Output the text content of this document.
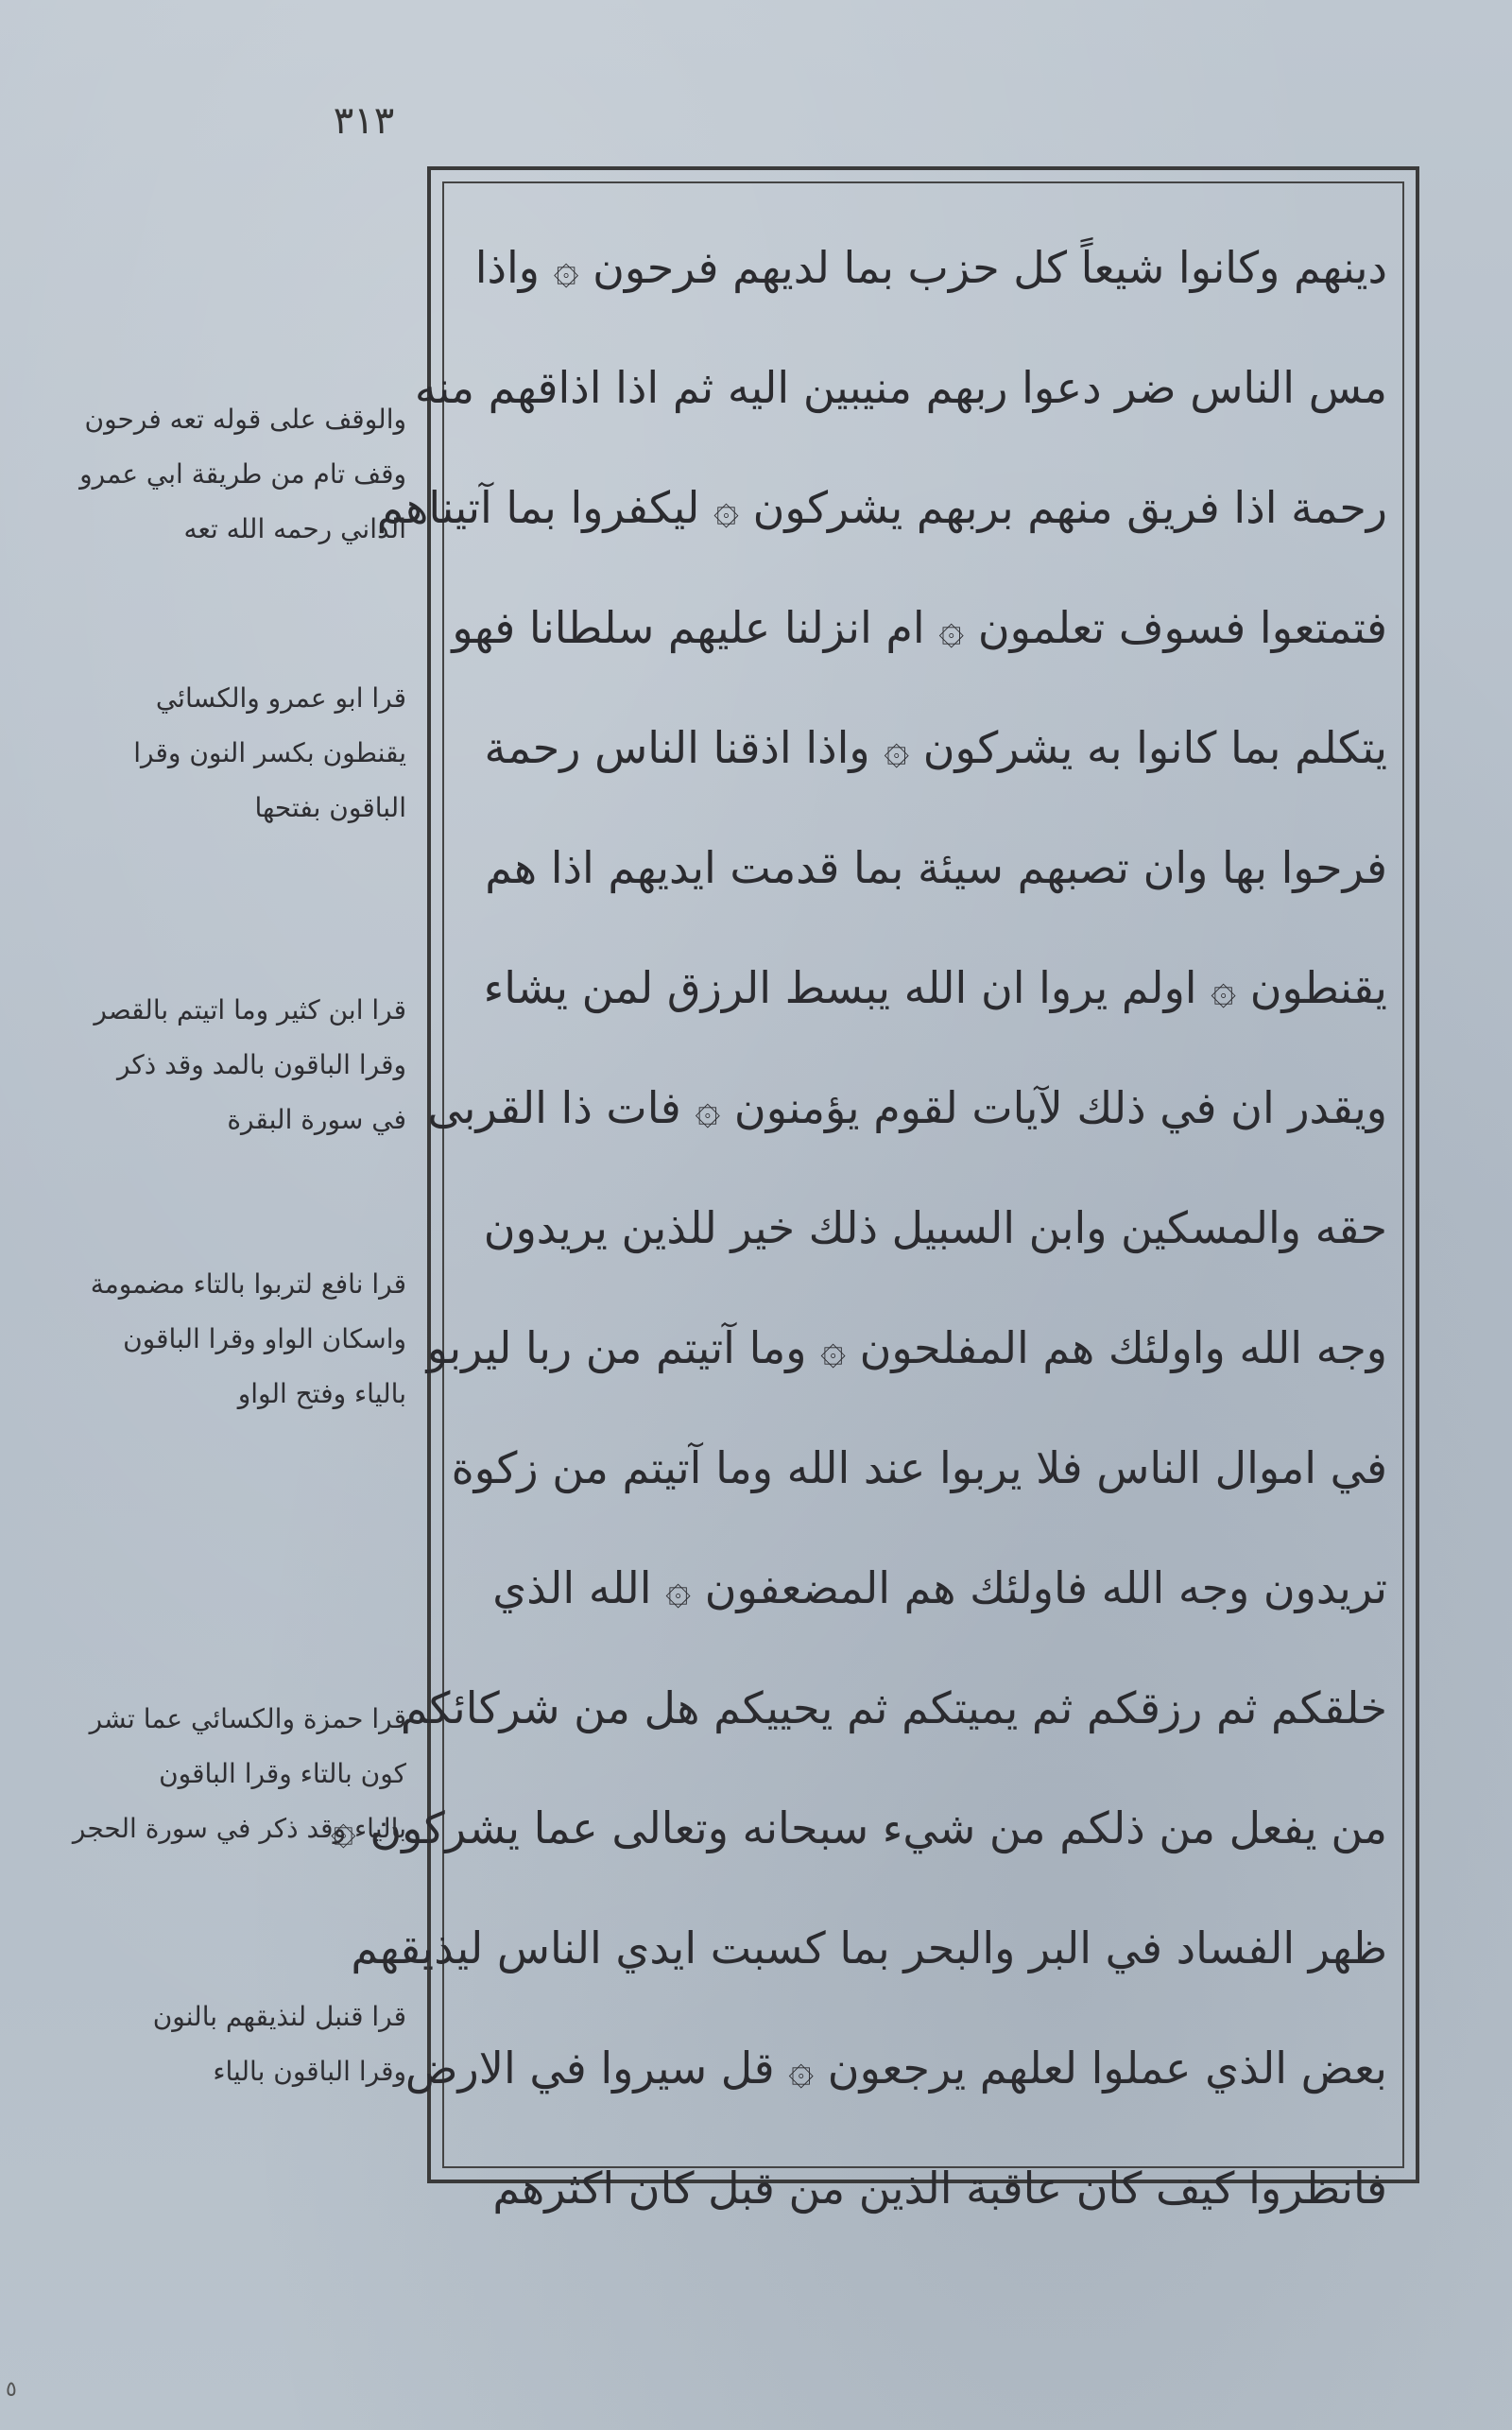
٣١٣
دينهم وكانوا شيعاً كل حزب بما لديهم فرحون ۞ واذا
مس الناس ضر دعوا ربهم منيبين اليه ثم اذا اذاقهم منه
رحمة اذا فريق منهم بربهم يشركون ۞ ليكفروا بما آتيناهم
فتمتعوا فسوف تعلمون ۞ ام انزلنا عليهم سلطانا فهو
يتكلم بما كانوا به يشركون ۞ واذا اذقنا الناس رحمة
فرحوا بها وان تصبهم سيئة بما قدمت ايديهم اذا هم
يقنطون ۞ اولم يروا ان الله يبسط الرزق لمن يشاء
ويقدر ان في ذلك لآيات لقوم يؤمنون ۞ فات ذا القربى
حقه والمسكين وابن السبيل ذلك خير للذين يريدون
وجه الله واولئك هم المفلحون ۞ وما آتيتم من ربا ليربو
في اموال الناس فلا يربوا عند الله وما آتيتم من زكوة
تريدون وجه الله فاولئك هم المضعفون ۞ الله الذي
خلقكم ثم رزقكم ثم يميتكم ثم يحييكم هل من شركائكم
من يفعل من ذلكم من شيء سبحانه وتعالى عما يشركون ۞
ظهر الفساد في البر والبحر بما كسبت ايدي الناس ليذيقهم
بعض الذي عملوا لعلهم يرجعون ۞ قل سيروا في الارض
فانظروا كيف كان عاقبة الذين من قبل كان اكثرهم
والوقف على قوله تعه فرحون
وقف تام من طريقة ابي عمرو
الداني رحمه الله تعه
قرا ابو عمرو والكسائي
يقنطون بكسر النون وقرا
الباقون بفتحها
قرا ابن كثير وما اتيتم بالقصر
وقرا الباقون بالمد وقد ذكر
في سورة البقرة
قرا نافع لتربوا بالتاء مضمومة
واسكان الواو وقرا الباقون
بالياء وفتح الواو
قرا حمزة والكسائي عما تشر
كون بالتاء وقرا الباقون
بالياء وقد ذكر في سورة الحجر
قرا قنبل لنذيقهم بالنون
وقرا الباقون بالياء
٥
